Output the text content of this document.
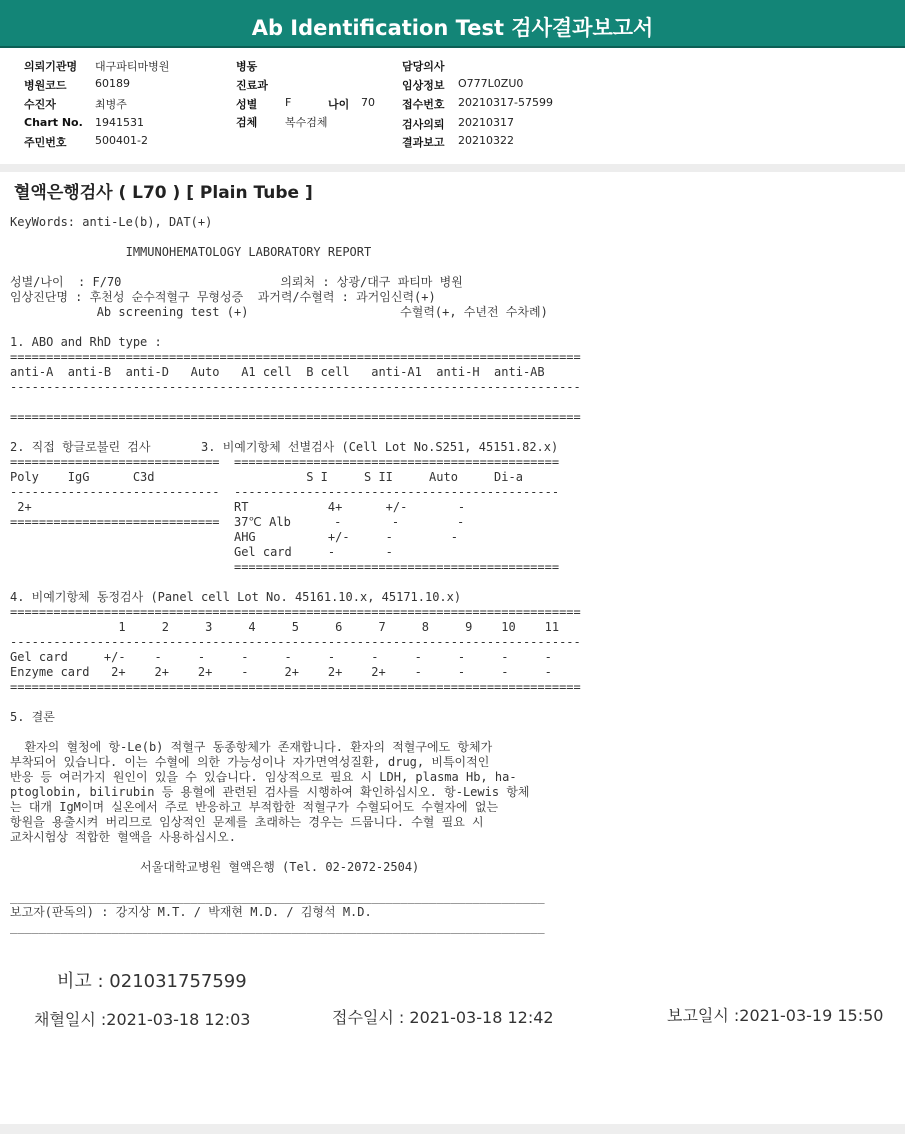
Ab Identification Test 검사결과보고서
의뢰기관명 대구파티마병원
병원코드	60189
수진자	최병주
Chart No. 1941531
주민번호	500401-2
병동
진료과
성별	F	나이 70
검체	복수검체
담당의사
임상정보 O777L0ZU0
접수번호 20210317-57599
검사의뢰 20210317
결과보고 20210322
혈액은행검사 ( L70 ) [ Plain Tube ]
KeyWords: anti-Le(b), DAT(+)

IMMUNOHEMATOLOGY LABORATORY REPORT

성별/나이  : F/70                      의뢰처 : 상광/대구 파티마 병원
임상진단명 : 후천성 순수적혈구 무형성증  과거력/수혈력 : 과거임신력(+)
Ab screening test (+)                     수혈력(+, 수년전 수차례)

1. ABO and RhD type :
===============================================================================
anti-A  anti-B  anti-D   Auto   A1 cell  B cell   anti-A1  anti-H  anti-AB
-------------------------------------------------------------------------------

===============================================================================

2. 직접 항글로불린 검사       3. 비예기항체 선별검사 (Cell Lot No.S251, 45151.82.x)
=============================  =============================================
Poly    IgG      C3d                     S I     S II     Auto     Di-a
-----------------------------  ---------------------------------------------
2+                            RT           4+      +/-       -
=============================  37℃ Alb      -       -        -
AHG          +/-     -        -
Gel card     -       -
=============================================

4. 비예기항체 동정검사 (Panel cell Lot No. 45161.10.x, 45171.10.x)
===============================================================================
1     2     3     4     5     6     7     8     9    10    11
-------------------------------------------------------------------------------
Gel card     +/-    -     -     -     -     -     -     -     -     -     -
Enzyme card   2+    2+    2+    -     2+    2+    2+    -     -     -     -
===============================================================================

5. 결론

환자의 혈청에 항-Le(b) 적혈구 동종항체가 존재합니다. 환자의 적혈구에도 항체가
부착되어 있습니다. 이는 수혈에 의한 가능성이나 자가면역성질환, drug, 비특이적인
반응 등 여러가지 원인이 있을 수 있습니다. 임상적으로 필요 시 LDH, plasma Hb, ha-
ptoglobin, bilirubin 등 용혈에 관련된 검사를 시행하여 확인하십시오. 항-Lewis 항체
는 대개 IgM이며 실온에서 주로 반응하고 부적합한 적혈구가 수혈되어도 수혈자에 없는
항원을 용출시켜 버리므로 임상적인 문제를 초래하는 경우는 드뭅니다. 수혈 필요 시
교차시험상 적합한 혈액을 사용하십시오.

서울대학교병원 혈액은행 (Tel. 02-2072-2504)

__________________________________________________________________________
보고자(판독의) : 강지상 M.T. / 박재현 M.D. / 김형석 M.D.
__________________________________________________________________________
비고 : 021031757599
채혈일시 :2021-03-18 12:03	접수일시 : 2021-03-18 12:42	보고일시 :2021-03-19 15:50
